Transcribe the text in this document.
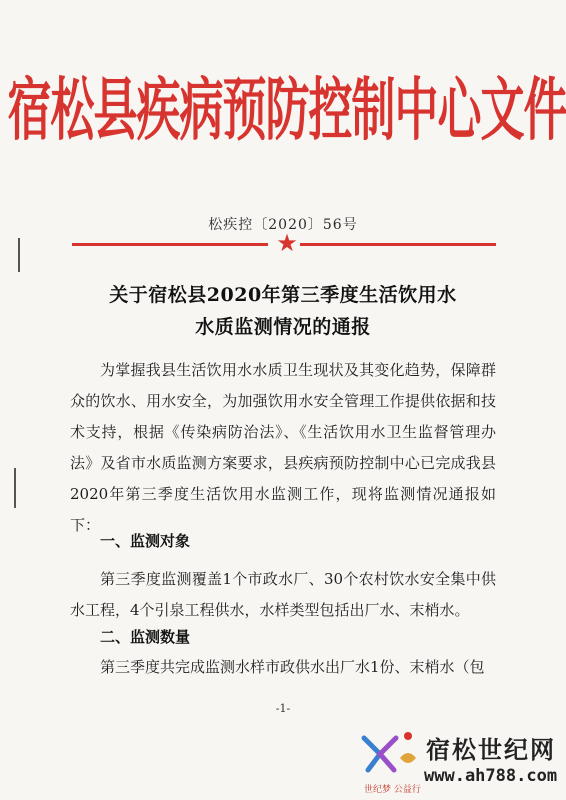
宿松县疾病预防控制中心文件
松疾控〔2020〕56号
★
关于宿松县2020年第三季度生活饮用水
水质监测情况的通报
为掌握我县生活饮用水水质卫生现状及其变化趋势，保障群众的饮水、用水安全，为加强饮用水安全管理工作提供依据和技术支持，根据《传染病防治法》、《生活饮用水卫生监督管理办法》及省市水质监测方案要求，县疾病预防控制中心已完成我县2020年第三季度生活饮用水监测工作，现将监测情况通报如下：
一、监测对象
第三季度监测覆盖1个市政水厂、30个农村饮水安全集中供水工程，4个引泉工程供水，水样类型包括出厂水、末梢水。
二、监测数量
第三季度共完成监测水样市政供水出厂水1份、末梢水（包
-1-
世纪梦 公益行
宿松世纪网
www.ah788.com
